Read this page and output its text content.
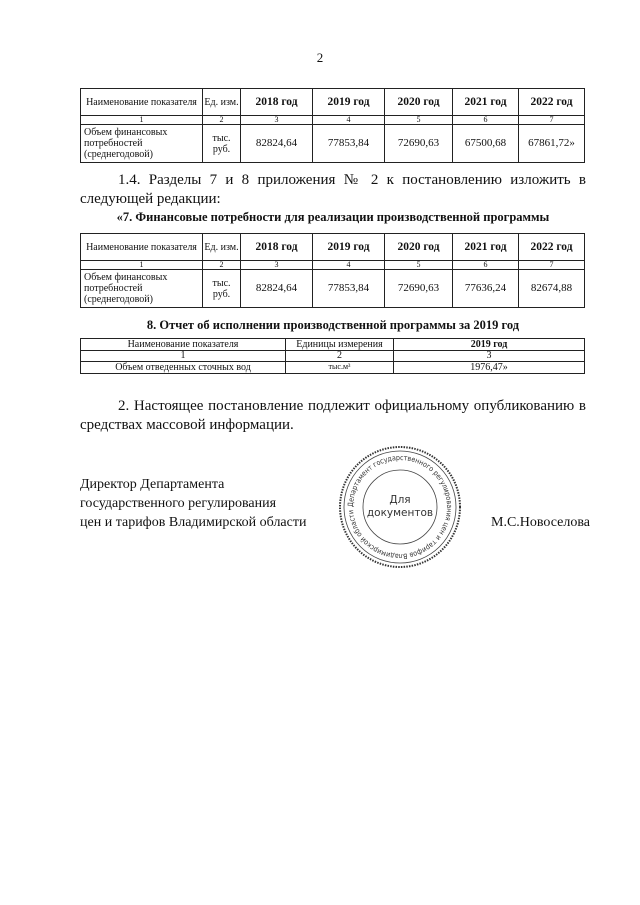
2
Наименование показателя	Ед. изм.	2018 год	2019 год	2020 год	2021 год	2022 год
1	2	3	4	5	6	7
Объем финансовых потребностей (среднегодовой)	тыс. руб.	82824,64	77853,84	72690,63	67500,68	67861,72»
1.4. Разделы 7 и 8 приложения № 2 к постановлению изложить в следующей редакции:
«7. Финансовые потребности для реализации производственной программы
Наименование показателя	Ед. изм.	2018 год	2019 год	2020 год	2021 год	2022 год
1	2	3	4	5	6	7
Объем финансовых потребностей (среднегодовой)	тыс. руб.	82824,64	77853,84	72690,63	77636,24	82674,88
8. Отчет об исполнении производственной программы за 2019 год
Наименование показателя	Единицы измерения	2019 год
1	2	3
Объем отведенных сточных вод	тыс.м³	1976,47»
2. Настоящее постановление подлежит официальному опубликованию в средствах массовой информации.
Директор Департамента
государственного регулирования
цен и тарифов Владимирской области	М.С.Новоселова
Департамент государственного регулирования цен и тарифов Владимирской области
Для
документов
